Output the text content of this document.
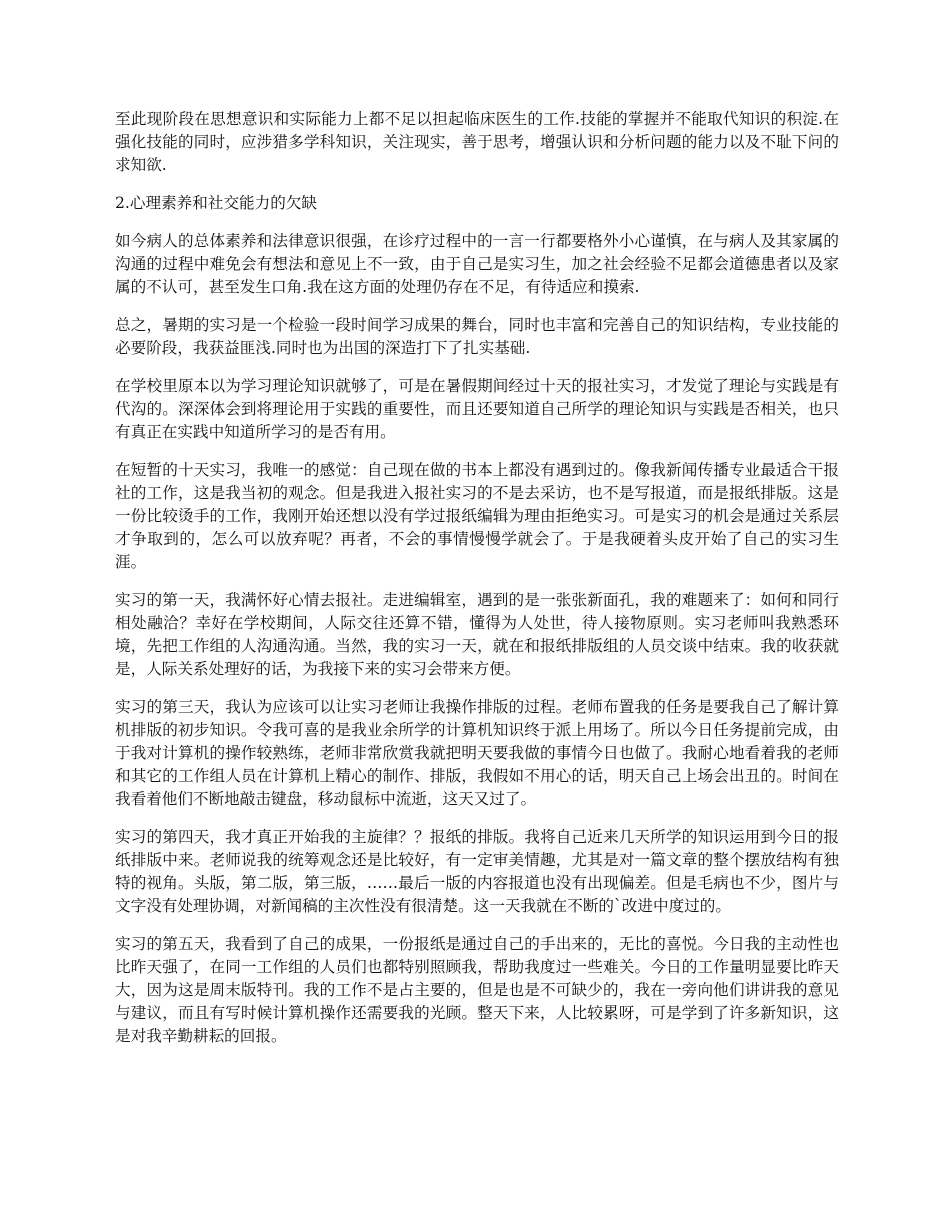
至此现阶段在思想意识和实际能力上都不足以担起临床医生的工作.技能的掌握并不能取代知识的积淀.在强化技能的同时，应涉猎多学科知识，关注现实，善于思考，增强认识和分析问题的能力以及不耻下问的求知欲.

2.心理素养和社交能力的欠缺

如今病人的总体素养和法律意识很强，在诊疗过程中的一言一行都要格外小心谨慎，在与病人及其家属的沟通的过程中难免会有想法和意见上不一致，由于自己是实习生，加之社会经验不足都会道德患者以及家属的不认可，甚至发生口角.我在这方面的处理仍存在不足，有待适应和摸索.

总之，暑期的实习是一个检验一段时间学习成果的舞台，同时也丰富和完善自己的知识结构，专业技能的必要阶段，我获益匪浅.同时也为出国的深造打下了扎实基础.

在学校里原本以为学习理论知识就够了，可是在暑假期间经过十天的报社实习，才发觉了理论与实践是有代沟的。深深体会到将理论用于实践的重要性，而且还要知道自己所学的理论知识与实践是否相关，也只有真正在实践中知道所学习的是否有用。

在短暂的十天实习，我唯一的感觉：自己现在做的书本上都没有遇到过的。像我新闻传播专业最适合干报社的工作，这是我当初的观念。但是我进入报社实习的不是去采访，也不是写报道，而是报纸排版。这是一份比较烫手的工作，我刚开始还想以没有学过报纸编辑为理由拒绝实习。可是实习的机会是通过关系层才争取到的，怎么可以放弃呢？再者，不会的事情慢慢学就会了。于是我硬着头皮开始了自己的实习生涯。

实习的第一天，我满怀好心情去报社。走进编辑室，遇到的是一张张新面孔，我的难题来了：如何和同行相处融洽？幸好在学校期间，人际交往还算不错，懂得为人处世，待人接物原则。实习老师叫我熟悉环境，先把工作组的人沟通沟通。当然，我的实习一天，就在和报纸排版组的人员交谈中结束。我的收获就是，人际关系处理好的话，为我接下来的实习会带来方便。

实习的第三天，我认为应该可以让实习老师让我操作排版的过程。老师布置我的任务是要我自己了解计算机排版的初步知识。令我可喜的是我业余所学的计算机知识终于派上用场了。所以今日任务提前完成，由于我对计算机的操作较熟练，老师非常欣赏我就把明天要我做的事情今日也做了。我耐心地看着我的老师和其它的工作组人员在计算机上精心的制作、排版，我假如不用心的话，明天自己上场会出丑的。时间在我看着他们不断地敲击键盘，移动鼠标中流逝，这天又过了。

实习的第四天，我才真正开始我的主旋律？？报纸的排版。我将自己近来几天所学的知识运用到今日的报纸排版中来。老师说我的统筹观念还是比较好，有一定审美情趣，尤其是对一篇文章的整个摆放结构有独特的视角。头版，第二版，第三版，……最后一版的内容报道也没有出现偏差。但是毛病也不少，图片与文字没有处理协调，对新闻稿的主次性没有很清楚。这一天我就在不断的`改进中度过的。

实习的第五天，我看到了自己的成果，一份报纸是通过自己的手出来的，无比的喜悦。今日我的主动性也比昨天强了，在同一工作组的人员们也都特别照顾我，帮助我度过一些难关。今日的工作量明显要比昨天大，因为这是周末版特刊。我的工作不是占主要的，但是也是不可缺少的，我在一旁向他们讲讲我的意见与建议，而且有写时候计算机操作还需要我的光顾。整天下来，人比较累呀，可是学到了许多新知识，这是对我辛勤耕耘的回报。
